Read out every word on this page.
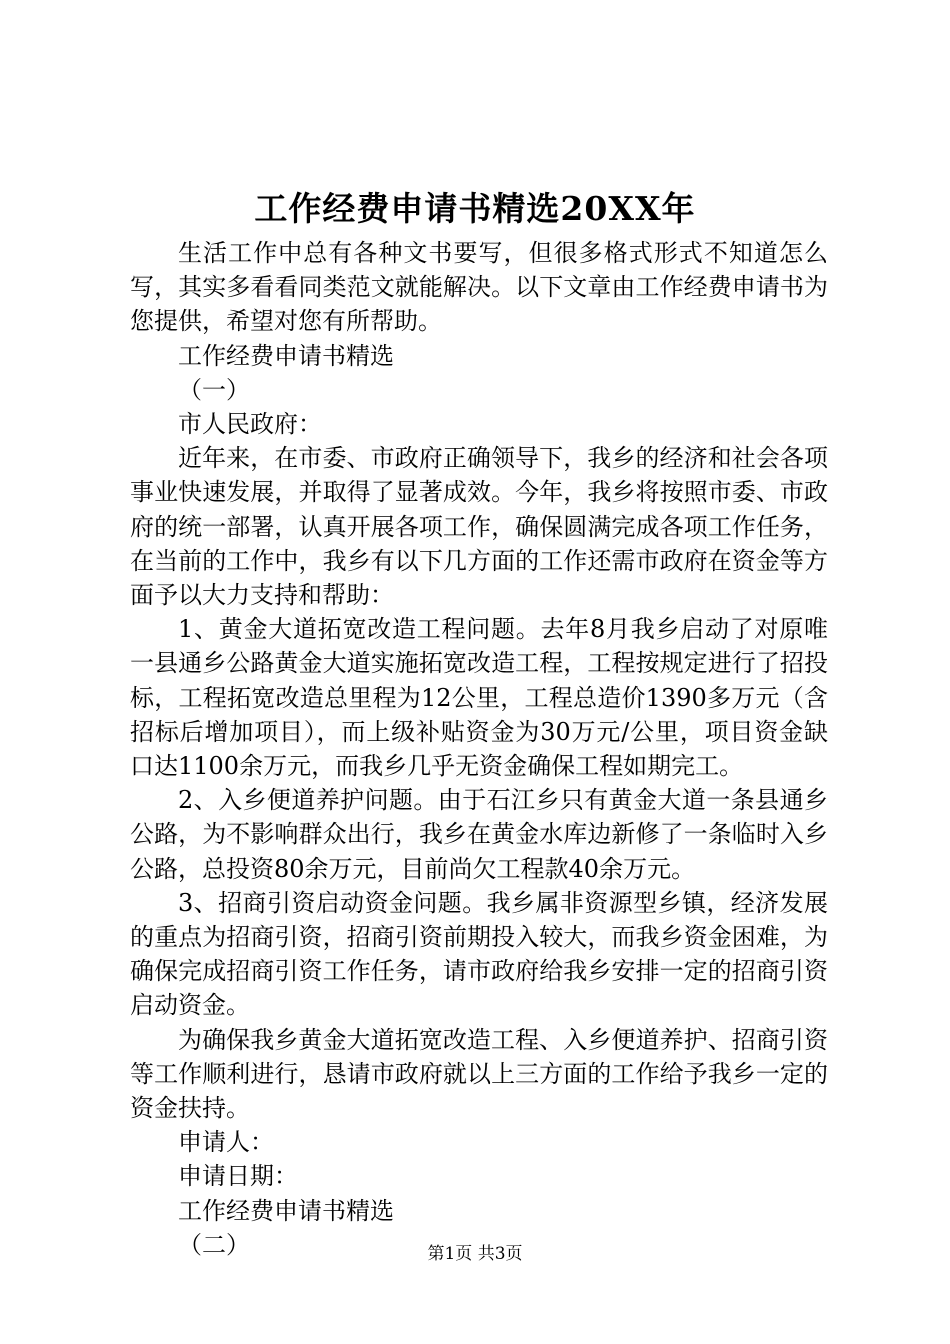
工作经费申请书精选20XX年

生活工作中总有各种文书要写，但很多格式形式不知道怎么写，其实多看看同类范文就能解决。以下文章由工作经费申请书为您提供，希望对您有所帮助。

工作经费申请书精选

（一）

市人民政府：

近年来，在市委、市政府正确领导下，我乡的经济和社会各项事业快速发展，并取得了显著成效。今年，我乡将按照市委、市政府的统一部署，认真开展各项工作，确保圆满完成各项工作任务，在当前的工作中，我乡有以下几方面的工作还需市政府在资金等方面予以大力支持和帮助：

1、黄金大道拓宽改造工程问题。去年8月我乡启动了对原唯一县通乡公路黄金大道实施拓宽改造工程，工程按规定进行了招投标，工程拓宽改造总里程为12公里，工程总造价1390多万元（含招标后增加项目），而上级补贴资金为30万元/公里，项目资金缺口达1100余万元，而我乡几乎无资金确保工程如期完工。

2、入乡便道养护问题。由于石江乡只有黄金大道一条县通乡公路，为不影响群众出行，我乡在黄金水库边新修了一条临时入乡公路，总投资80余万元，目前尚欠工程款40余万元。

3、招商引资启动资金问题。我乡属非资源型乡镇，经济发展的重点为招商引资，招商引资前期投入较大，而我乡资金困难，为确保完成招商引资工作任务，请市政府给我乡安排一定的招商引资启动资金。

为确保我乡黄金大道拓宽改造工程、入乡便道养护、招商引资等工作顺利进行，恳请市政府就以上三方面的工作给予我乡一定的资金扶持。

申请人：

申请日期：

工作经费申请书精选

（二）	第1页 共3页
